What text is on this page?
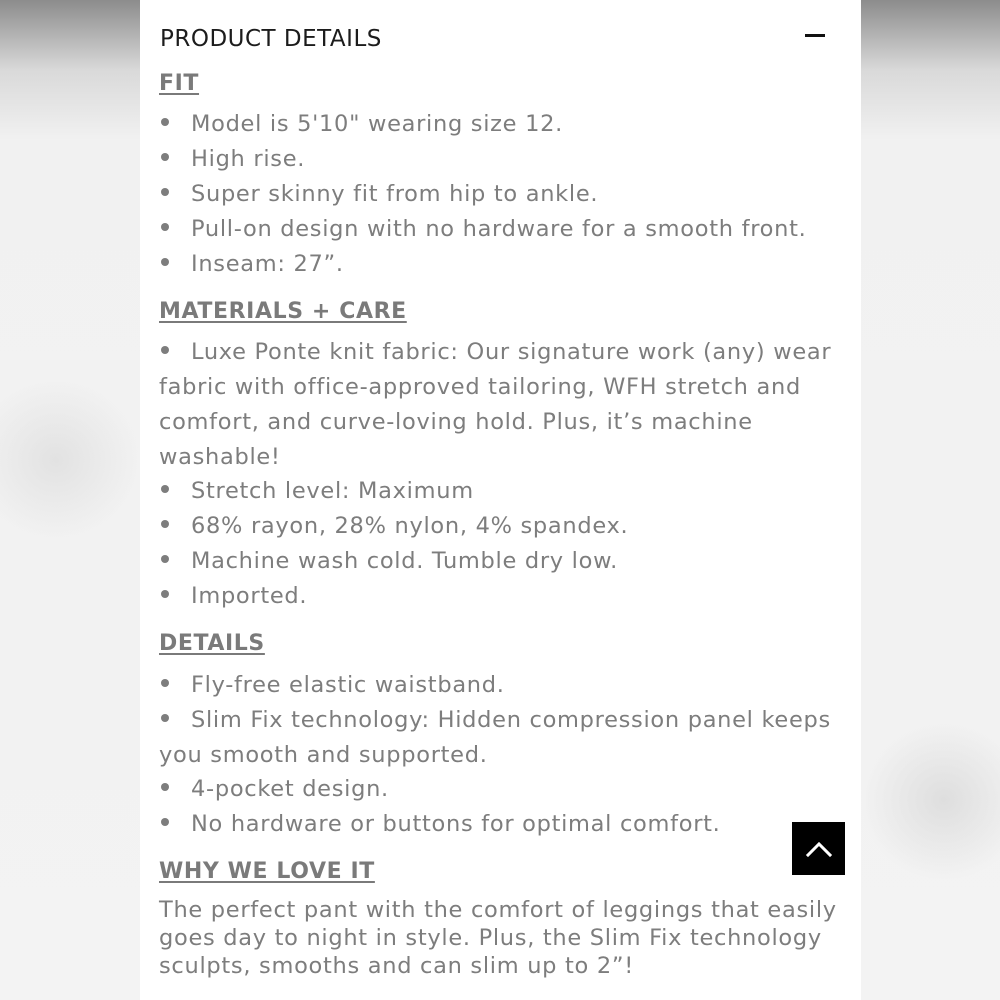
PRODUCT DETAILS
FIT
Model is 5'10" wearing size 12.
High rise.
Super skinny fit from hip to ankle.
Pull-on design with no hardware for a smooth front.
Inseam: 27”.
MATERIALS + CARE
Luxe Ponte knit fabric: Our signature work (any) wear
fabric with office-approved tailoring, WFH stretch and
comfort, and curve-loving hold. Plus, it’s machine
washable!
Stretch level: Maximum
68% rayon, 28% nylon, 4% spandex.
Machine wash cold. Tumble dry low.
Imported.
DETAILS
Fly-free elastic waistband.
Slim Fix technology: Hidden compression panel keeps
you smooth and supported.
4-pocket design.
No hardware or buttons for optimal comfort.
WHY WE LOVE IT
The perfect pant with the comfort of leggings that easily
goes day to night in style. Plus, the Slim Fix technology
sculpts, smooths and can slim up to 2”!
